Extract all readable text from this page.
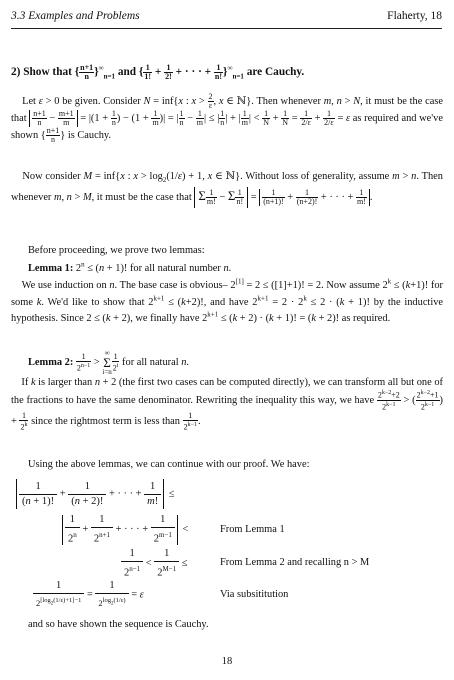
3.3 Examples and Problems	Flaherty, 18
2) Show that { $\frac{n+1}{n} \}^\infty_{n=1}$ and { $\frac{1}{1!} + \frac{1}{2!}$ + · · · + $\frac{1}{n!} \}^\infty_{n=1}$ are Cauchy.
Let ε > 0 be given. Consider N = inf{x : $x > \frac{2}{\varepsilon}$ , x ∈ ℕ}. Then whenever m, n > N, it must be the case that $\frac{n+1}{n} - \frac{m+1}{m} = |(1 + \frac{1}{n}$ ) − ($1 + \frac{1}{m}$ )| = | $\frac{1}{n} - \frac{1}{m}$ | ≤ | $\frac{1}{n}$ | + | $\frac{1}{m}$ | < $\frac{1}{N} + \frac{1}{N} = \frac{1}{2/\varepsilon} + \frac{1}{2/\varepsilon} = \varepsilon$ as required and we've shown { $\frac{n+1}{n}$ } is Cauchy.
Now consider M = inf{x : $x > \log_2(1/\varepsilon) + 1$, x ∈ ℕ}. Without loss of generality, assume m > n. Then whenever m, n > M, it must be the case that Σ $\frac{1}{m!} - \Sigma \frac{1}{n!} = \frac{1}{(n+1)!} + \frac{1}{(n+2)!}$ + · · · + $\frac{1}{m!}$ .
Before proceeding, we prove two lemmas:
Lemma 1: $2^n \le (n + 1)$! for all natural number n.
We use induction on n. The base case is obvious– 2[1] = 2 ≤ ([1]+1)! = 2. Now assume $2^k \le (k+1)$! for some k. We'd like to show that $2^{k+1} \le (k+2)$!, and have $2^{k+1} = 2 \cdot 2^k \le 2 \cdot (k + 1)$! by the inductive hypothesis. Since 2 ≤ (k + 2), we finally have $2^{k+1} \le (k + 2) \cdot (k + 1)$! = (k + 2)! as required.
Lemma 2: $\frac{1}{2^{n-1}}$ >
∞
Σ
$i=n \frac{1}{2^i}$ for all natural n.
If k is larger than n + 2 (the first two cases can be computed directly), we can transform all but one of the fractions to have the same denominator. Rewriting the inequality this way, we have $\frac{2^{k-2}+2}{2^{k-1}}$ > ( $\frac{2^{k-2}+1}{2^{k-1}}$ ) + $\frac{1}{2^k}$ since the rightmost term is less than $\frac{1}{2^{k-1}}$ .
Using the above lemmas, we can continue with our proof. We have:
$\frac{1}{(n + 1)!} + \frac{1}{(n + 2)!}$ + · · · + $\frac{1}{m!}$ ≤
$\frac{1}{2^n} + \frac{1}{2^{n+1}}$ + · · · + $\frac{1}{2^{m-1}}$ <	From Lemma 1
$\frac{1}{2^{n-1}} < \frac{1}{2^{M-1}}$ ≤	From Lemma 2 and recalling n > M
1
$2^{[log_2(1/\varepsilon)+1]-1}$ =
1
$2^{log_2(1/\varepsilon)} = \varepsilon$	Via subsititution
and so have shown the sequence is Cauchy.
18
